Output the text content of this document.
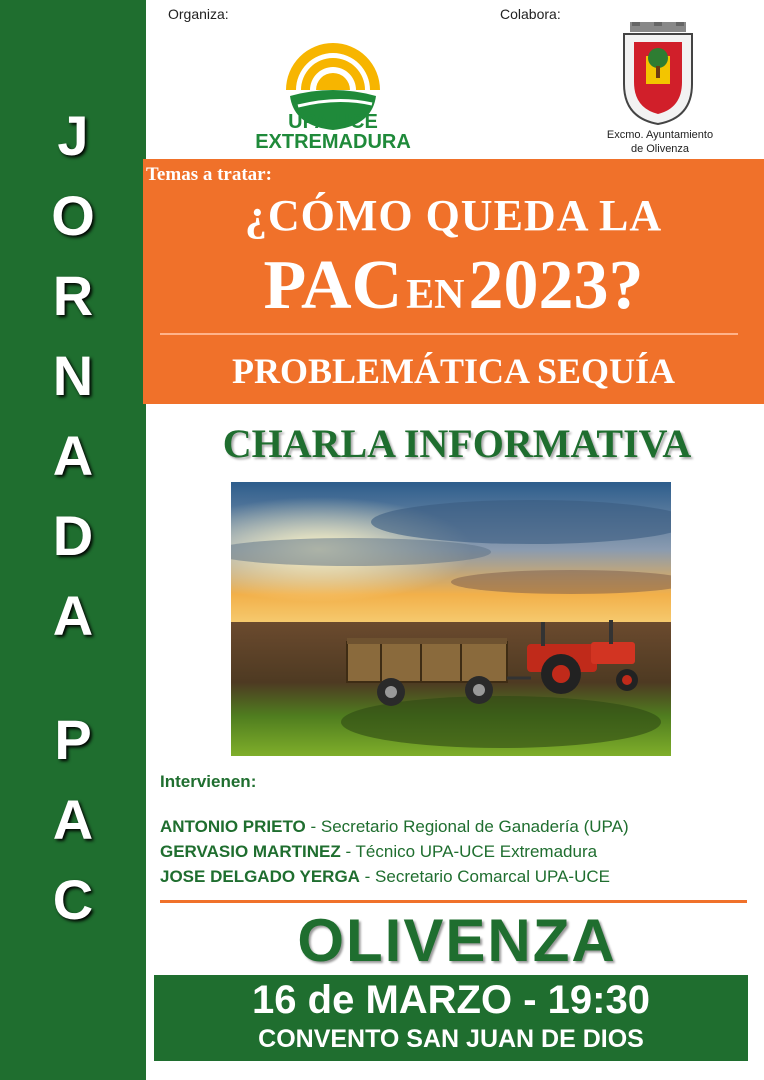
J
O
R
N
A
D
A
P
A
C
Organiza:	Colabora:
UPA-UCE
EXTREMADURA	Excmo. Ayuntamiento
de Olivenza
Temas a tratar:
¿CÓMO QUEDA LA
PAC EN 2023?
PROBLEMÁTICA SEQUÍA
CHARLA INFORMATIVA
Intervienen:
ANTONIO PRIETO - Secretario Regional de Ganadería (UPA)
GERVASIO MARTINEZ - Técnico UPA-UCE Extremadura
JOSE DELGADO YERGA - Secretario Comarcal UPA-UCE
OLIVENZA
16 de MARZO - 19:30
CONVENTO SAN JUAN DE DIOS
